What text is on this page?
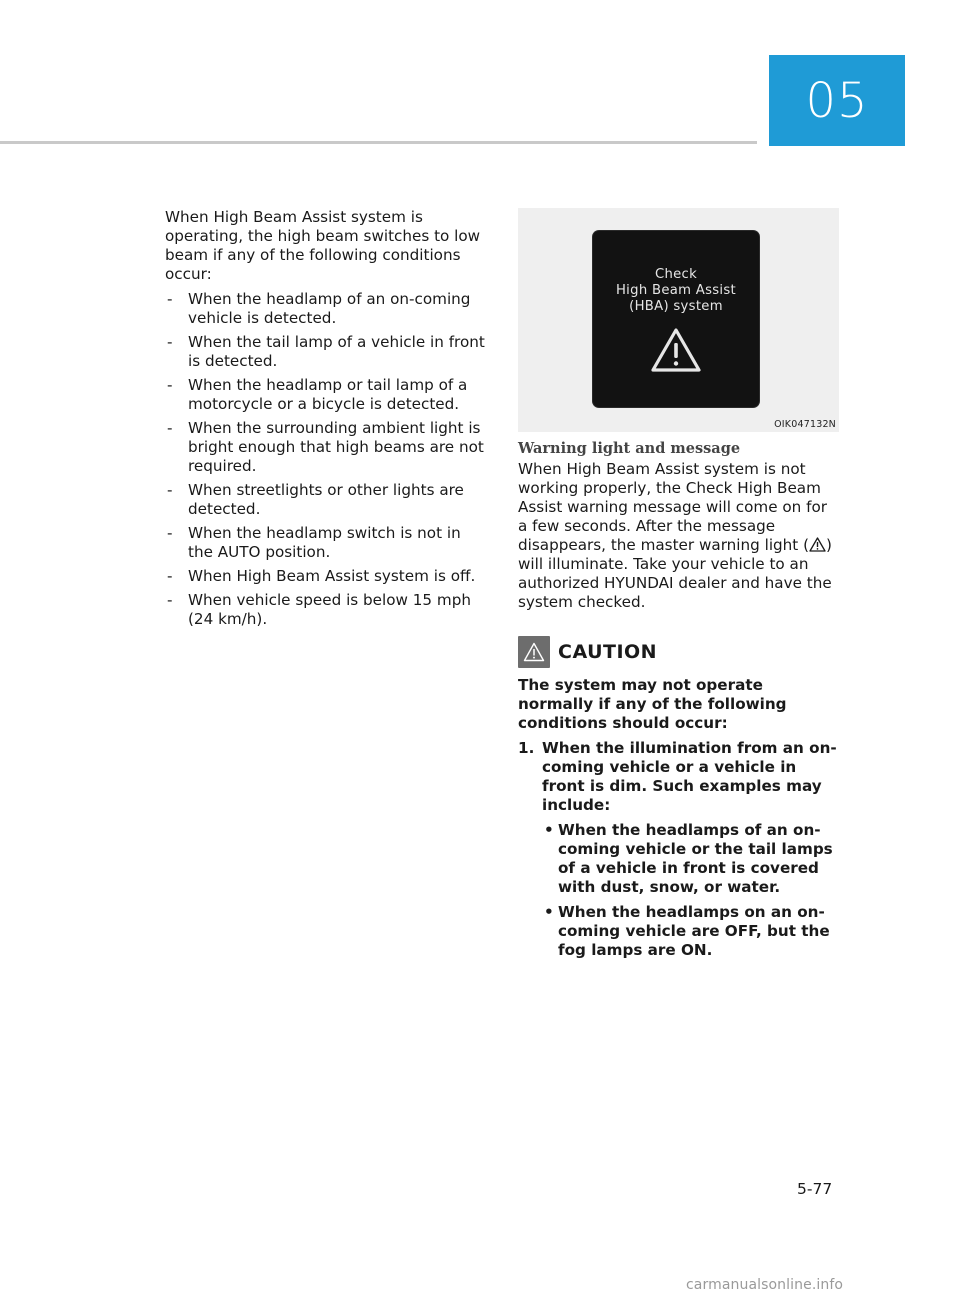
05

When High Beam Assist system is operating, the high beam switches to low beam if any of the following conditions occur:

- When the headlamp of an on-coming vehicle is detected.
- When the tail lamp of a vehicle in front is detected.
- When the headlamp or tail lamp of a motorcycle or a bicycle is detected.
- When the surrounding ambient light is bright enough that high beams are not required.
- When streetlights or other lights are detected.
- When the headlamp switch is not in the AUTO position.
- When High Beam Assist system is off.
- When vehicle speed is below 15 mph (24 km/h).
Check
High Beam Assist
(HBA) system
OIK047132N
Warning light and message

When High Beam Assist system is not working properly, the Check High Beam Assist warning message will come on for a few seconds. After the message disappears, the master warning light ( ) will illuminate. Take your vehicle to an authorized HYUNDAI dealer and have the system checked.

CAUTION

The system may not operate normally if any of the following conditions should occur:

1. When the illumination from an on-coming vehicle or a vehicle in front is dim. Such examples may include:
• When the headlamps of an on-coming vehicle or the tail lamps of a vehicle in front is covered with dust, snow, or water.
• When the headlamps on an on-coming vehicle are OFF, but the fog lamps are ON.
5-77
carmanualsonline.info
